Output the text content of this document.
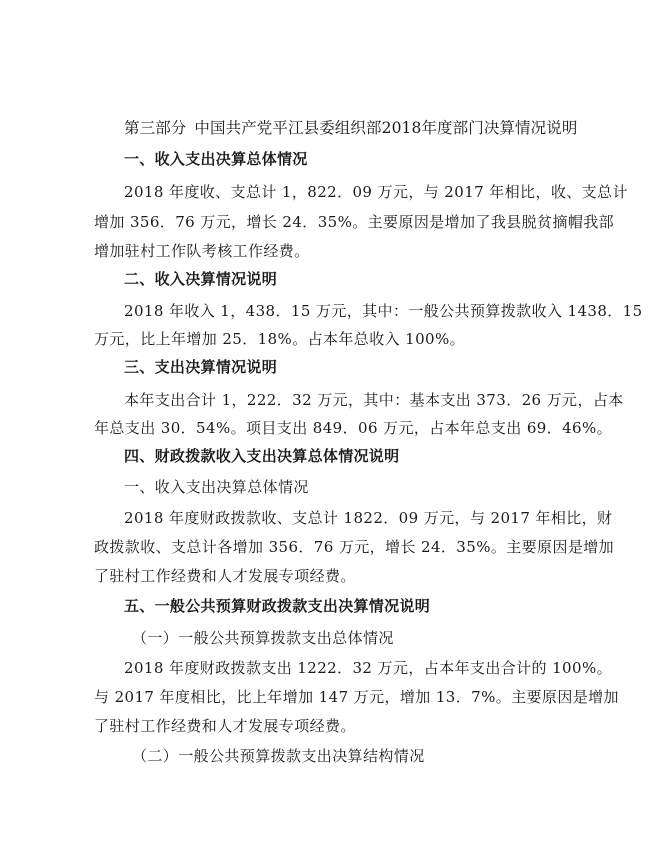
第三部分 中国共产党平江县委组织部2018年度部门决算情况说明
一、收入支出决算总体情况
2018 年度收、支总计 1，822．09 万元，与 2017 年相比，收、支总计
增加 356．76 万元，增长 24．35%。主要原因是增加了我县脱贫摘帽我部
增加驻村工作队考核工作经费。
二、收入决算情况说明
2018 年收入 1，438．15 万元，其中：一般公共预算拨款收入 1438．15
万元，比上年增加 25．18%。占本年总收入 100%。
三、支出决算情况说明
本年支出合计 1，222．32 万元，其中：基本支出 373．26 万元，占本
年总支出 30．54%。项目支出 849．06 万元，占本年总支出 69．46%。
四、财政拨款收入支出决算总体情况说明
一、收入支出决算总体情况
2018 年度财政拨款收、支总计 1822．09 万元，与 2017 年相比，财
政拨款收、支总计各增加 356．76 万元，增长 24．35%。主要原因是增加
了驻村工作经费和人才发展专项经费。
五、一般公共预算财政拨款支出决算情况说明
（一）一般公共预算拨款支出总体情况
2018 年度财政拨款支出 1222．32 万元，占本年支出合计的 100%。
与 2017 年度相比，比上年增加 147 万元，增加 13．7%。主要原因是增加
了驻村工作经费和人才发展专项经费。
（二）一般公共预算拨款支出决算结构情况
